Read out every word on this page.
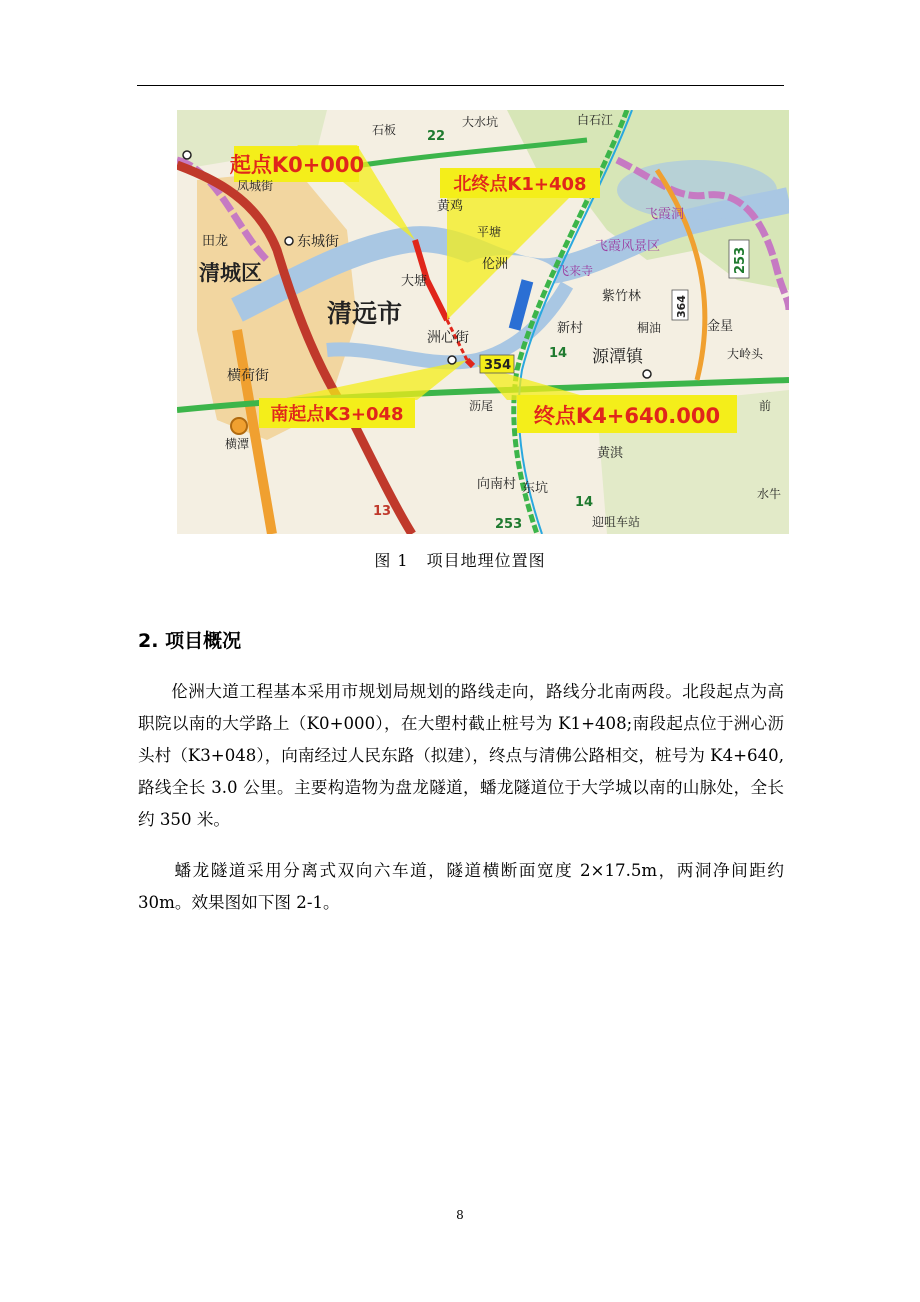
起点K0+000
北终点K1+408
南起点K3+048	终点K4+640.000
清城区
清远市
东城街
洲心街
源潭镇
横荷街
飞霞风景区
飞霞洞
飞来寺
伦洲
紫竹林
新村
大塘
黄淇
向南村 东坑
田龙
黄鸡
迎咀车站
水牛
金星
大岭头
白石江
石板
大水坑
平塘
桐油
前
凤城街
横潭
沥尾
22
354
14
14
253
253
364
13
图 1 项目地理位置图
2. 项目概况
伦洲大道工程基本采用市规划局规划的路线走向，路线分北南两段。北段起点为高职院以南的大学路上（K0+000），在大塱村截止桩号为 K1+408;南段起点位于洲心沥头村（K3+048），向南经过人民东路（拟建），终点与清佛公路相交，桩号为 K4+640,路线全长 3.0 公里。主要构造物为盘龙隧道，蟠龙隧道位于大学城以南的山脉处，全长约 350 米。
蟠龙隧道采用分离式双向六车道，隧道横断面宽度 2×17.5m，两洞净间距约 30m。效果图如下图 2-1。
8
